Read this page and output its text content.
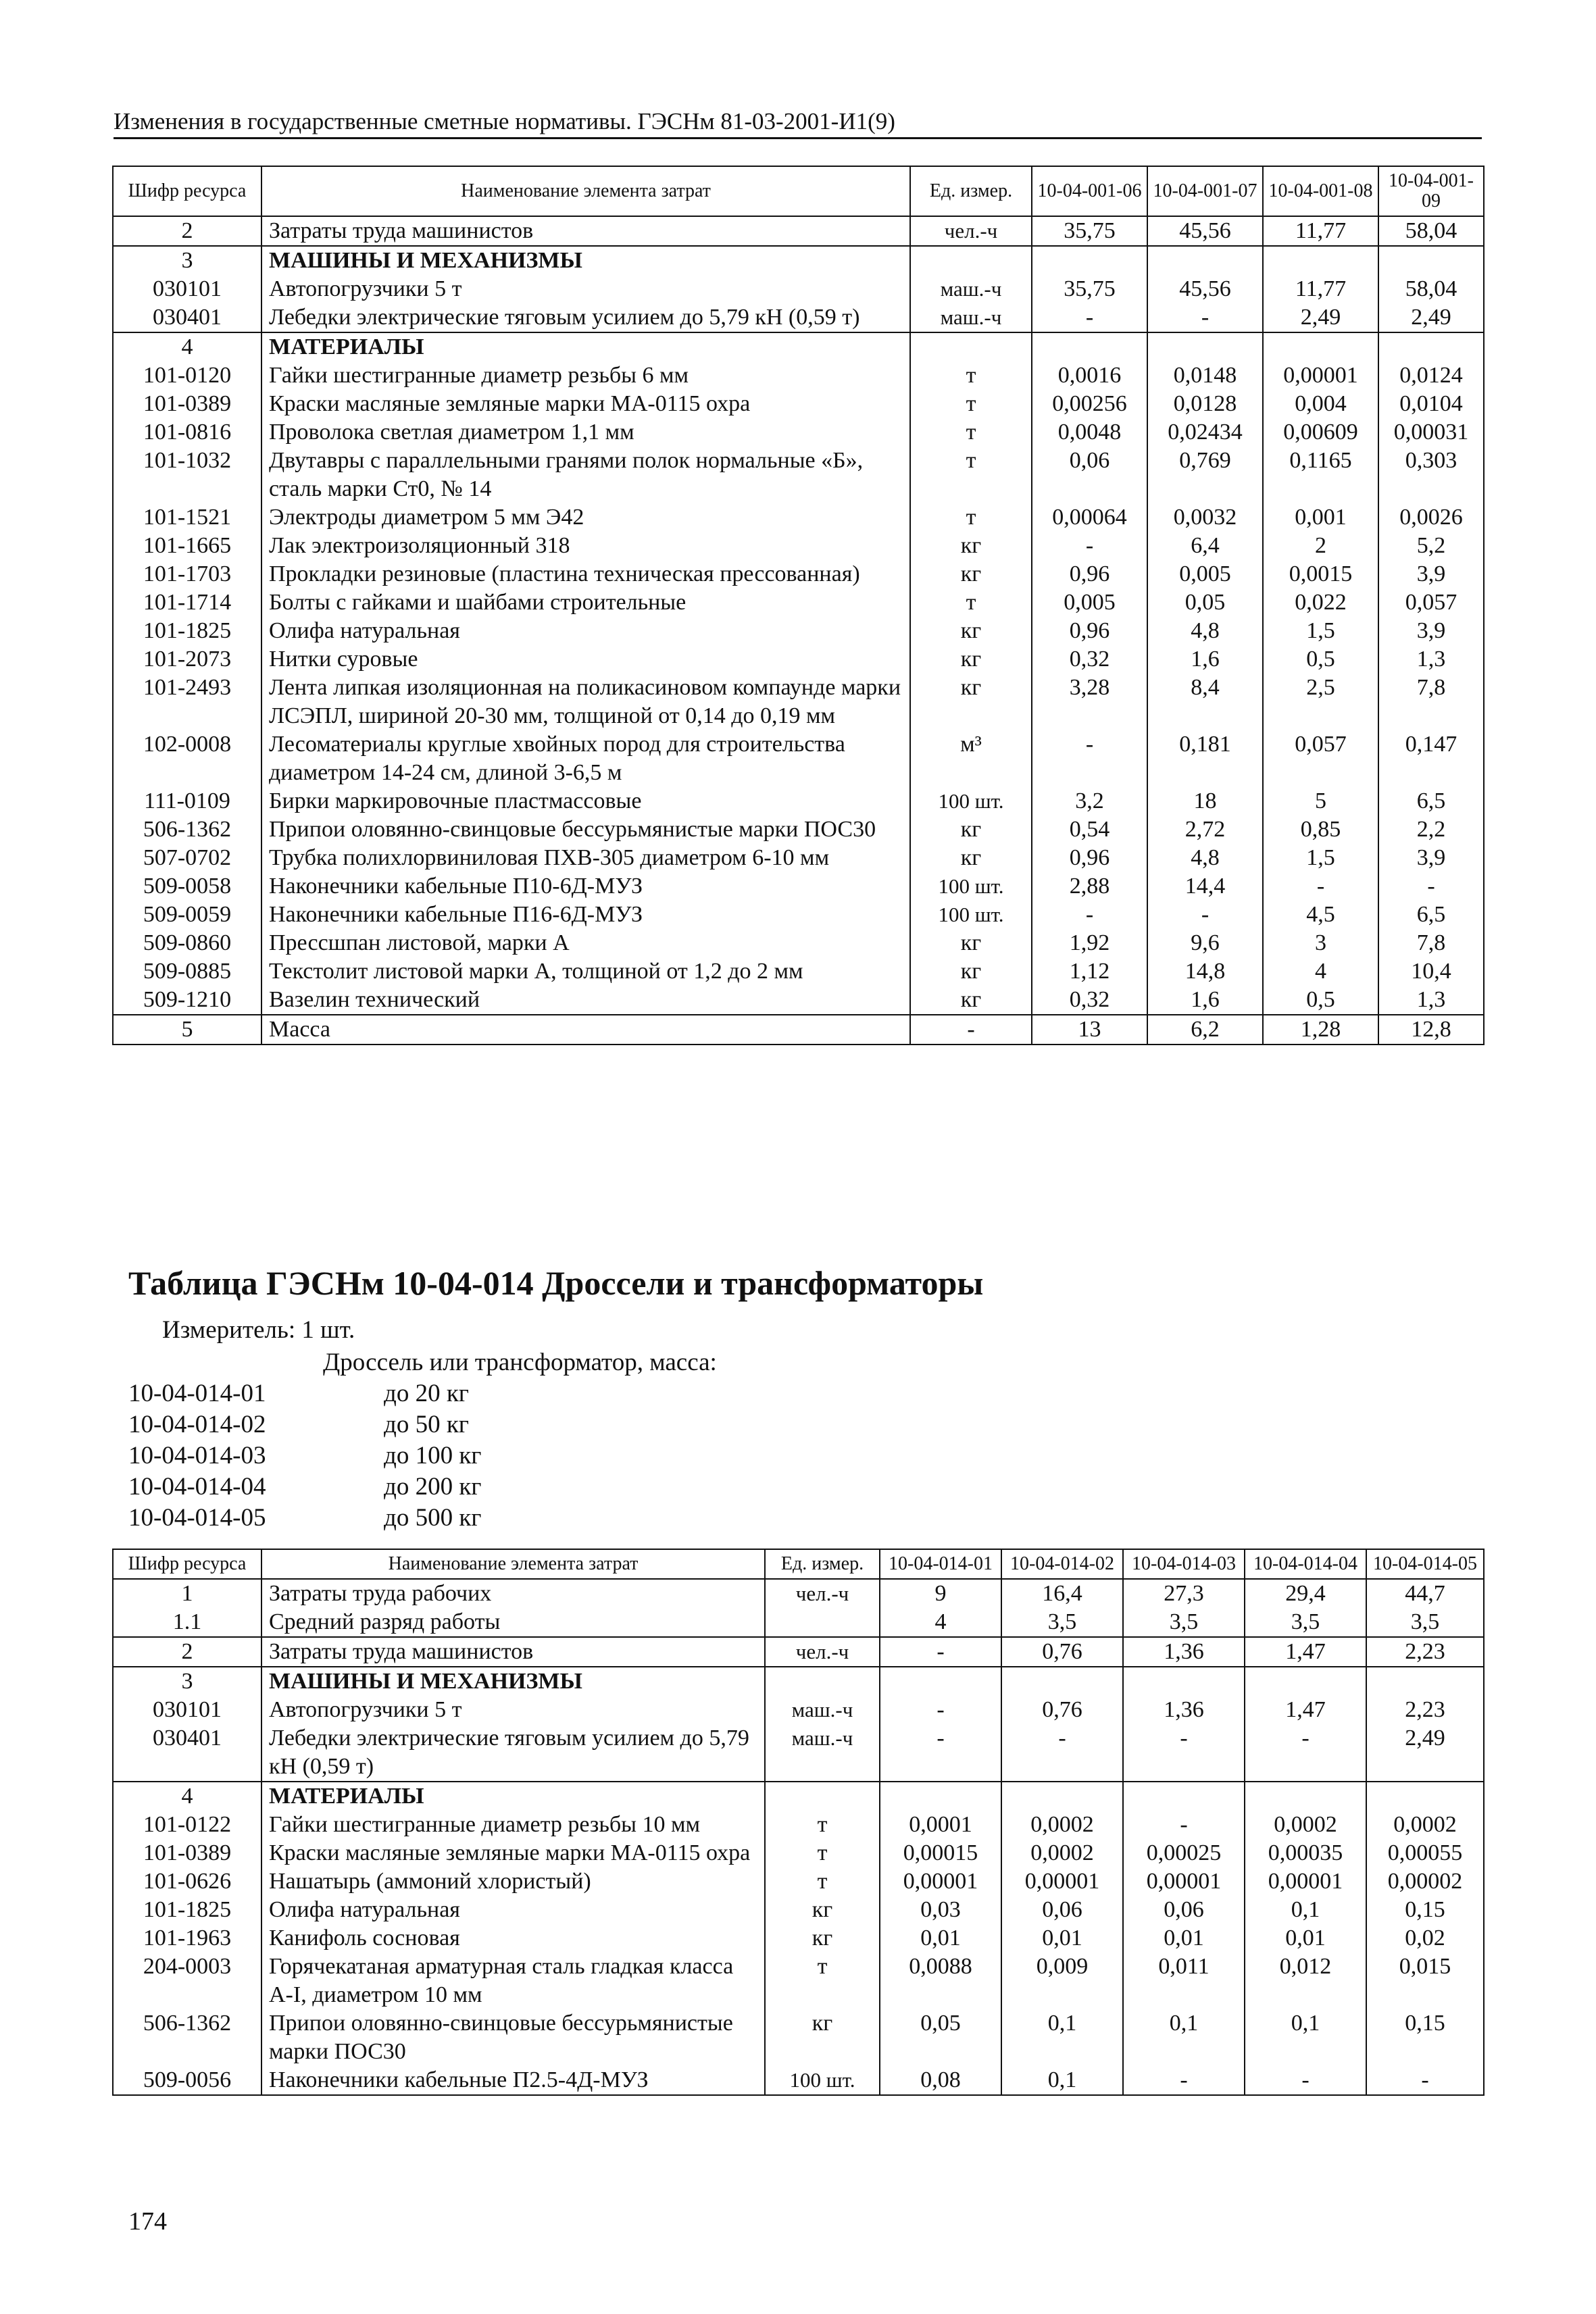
Изменения в государственные сметные нормативы. ГЭСНм 81-03-2001-И1(9)
Шифр ресурса	Наименование элемента затрат	Ед. измер.	10-04-001-06	10-04-001-07	10-04-001-08	10-04-001-09
2	Затраты труда машинистов	чел.-ч	35,75	45,56	11,77	58,04
3	МАШИНЫ И МЕХАНИЗМЫ					
030101	Автопогрузчики 5 т	маш.-ч	35,75	45,56	11,77	58,04
030401	Лебедки электрические тяговым усилием до 5,79 кН (0,59 т)	маш.-ч	-	-	2,49	2,49
4	МАТЕРИАЛЫ					
101-0120	Гайки шестигранные диаметр резьбы 6 мм	т	0,0016	0,0148	0,00001	0,0124
101-0389	Краски масляные земляные марки МА-0115 охра	т	0,00256	0,0128	0,004	0,0104
101-0816	Проволока светлая диаметром 1,1 мм	т	0,0048	0,02434	0,00609	0,00031
101-1032	Двутавры с параллельными гранями полок нормальные «Б», сталь марки Ст0, № 14	т	0,06	0,769	0,1165	0,303
101-1521	Электроды диаметром 5 мм Э42	т	0,00064	0,0032	0,001	0,0026
101-1665	Лак электроизоляционный 318	кг	-	6,4	2	5,2
101-1703	Прокладки резиновые (пластина техническая прессованная)	кг	0,96	0,005	0,0015	3,9
101-1714	Болты с гайками и шайбами строительные	т	0,005	0,05	0,022	0,057
101-1825	Олифа натуральная	кг	0,96	4,8	1,5	3,9
101-2073	Нитки суровые	кг	0,32	1,6	0,5	1,3
101-2493	Лента липкая изоляционная на поликасиновом компаунде марки ЛСЭПЛ, шириной 20-30 мм, толщиной от 0,14 до 0,19 мм	кг	3,28	8,4	2,5	7,8
102-0008	Лесоматериалы круглые хвойных пород для строительства диаметром 14-24 см, длиной 3-6,5 м	м³	-	0,181	0,057	0,147
111-0109	Бирки маркировочные пластмассовые	100 шт.	3,2	18	5	6,5
506-1362	Припои оловянно-свинцовые бессурьмянистые марки ПОС30	кг	0,54	2,72	0,85	2,2
507-0702	Трубка полихлорвиниловая ПХВ-305 диаметром 6-10 мм	кг	0,96	4,8	1,5	3,9
509-0058	Наконечники кабельные П10-6Д-МУЗ	100 шт.	2,88	14,4	-	-
509-0059	Наконечники кабельные П16-6Д-МУЗ	100 шт.	-	-	4,5	6,5
509-0860	Прессшпан листовой, марки А	кг	1,92	9,6	3	7,8
509-0885	Текстолит листовой марки А, толщиной от 1,2 до 2 мм	кг	1,12	14,8	4	10,4
509-1210	Вазелин технический	кг	0,32	1,6	0,5	1,3
5	Масса	-	13	6,2	1,28	12,8
Таблица ГЭСНм 10-04-014 Дроссели и трансформаторы
Измеритель: 1 шт.
Дроссель или трансформатор, масса:
10-04-014-01	до 20 кг
10-04-014-02	до 50 кг
10-04-014-03	до 100 кг
10-04-014-04	до 200 кг
10-04-014-05	до 500 кг
Шифр ресурса	Наименование элемента затрат	Ед. измер.	10-04-014-01	10-04-014-02	10-04-014-03	10-04-014-04	10-04-014-05
1	Затраты труда рабочих	чел.-ч	9	16,4	27,3	29,4	44,7
1.1	Средний разряд работы		4	3,5	3,5	3,5	3,5
2	Затраты труда машинистов	чел.-ч	-	0,76	1,36	1,47	2,23
3	МАШИНЫ И МЕХАНИЗМЫ						
030101	Автопогрузчики 5 т	маш.-ч	-	0,76	1,36	1,47	2,23
030401	Лебедки электрические тяговым усилием до 5,79 кН (0,59 т)	маш.-ч	-	-	-	-	2,49
4	МАТЕРИАЛЫ						
101-0122	Гайки шестигранные диаметр резьбы 10 мм	т	0,0001	0,0002	-	0,0002	0,0002
101-0389	Краски масляные земляные марки МА-0115 охра	т	0,00015	0,0002	0,00025	0,00035	0,00055
101-0626	Нашатырь (аммоний хлористый)	т	0,00001	0,00001	0,00001	0,00001	0,00002
101-1825	Олифа натуральная	кг	0,03	0,06	0,06	0,1	0,15
101-1963	Канифоль сосновая	кг	0,01	0,01	0,01	0,01	0,02
204-0003	Горячекатаная арматурная сталь гладкая класса А-I, диаметром 10 мм	т	0,0088	0,009	0,011	0,012	0,015
506-1362	Припои оловянно-свинцовые бессурьмянистые марки ПОС30	кг	0,05	0,1	0,1	0,1	0,15
509-0056	Наконечники кабельные П2.5-4Д-МУЗ	100 шт.	0,08	0,1	-	-	-
174
